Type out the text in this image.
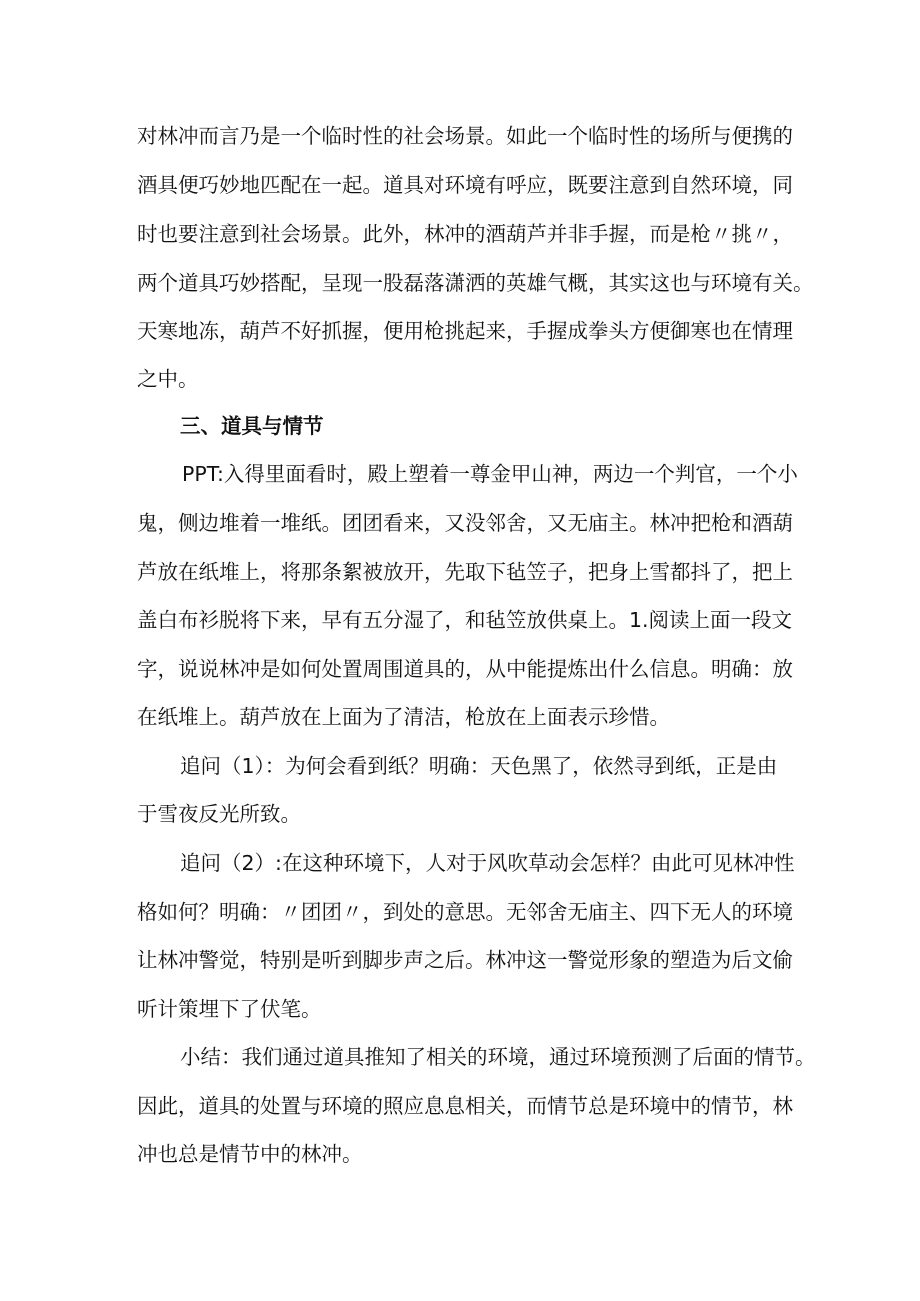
对林冲而言乃是一个临时性的社会场景。如此一个临时性的场所与便携的
酒具便巧妙地匹配在一起。道具对环境有呼应，既要注意到自然环境，同
时也要注意到社会场景。此外，林冲的酒葫芦并非手握，而是枪〃挑〃，
两个道具巧妙搭配，呈现一股磊落潇洒的英雄气概，其实这也与环境有关。
天寒地冻，葫芦不好抓握，便用枪挑起来，手握成拳头方便御寒也在情理
之中。
三、道具与情节
PPT:入得里面看时，殿上塑着一尊金甲山神，两边一个判官，一个小
鬼，侧边堆着一堆纸。团团看来，又没邻舍，又无庙主。林冲把枪和酒葫
芦放在纸堆上，将那条絮被放开，先取下毡笠子，把身上雪都抖了，把上
盖白布衫脱将下来，早有五分湿了，和毡笠放供桌上。1.阅读上面一段文
字，说说林冲是如何处置周围道具的，从中能提炼出什么信息。明确：放
在纸堆上。葫芦放在上面为了清洁，枪放在上面表示珍惜。
追问（1）：为何会看到纸？明确：天色黑了，依然寻到纸，正是由
于雪夜反光所致。
追问（2）:在这种环境下，人对于风吹草动会怎样？由此可见林冲性
格如何？明确：〃团团〃，到处的意思。无邻舍无庙主、四下无人的环境
让林冲警觉，特别是听到脚步声之后。林冲这一警觉形象的塑造为后文偷
听计策埋下了伏笔。
小结：我们通过道具推知了相关的环境，通过环境预测了后面的情节。
因此，道具的处置与环境的照应息息相关，而情节总是环境中的情节，林
冲也总是情节中的林冲。
